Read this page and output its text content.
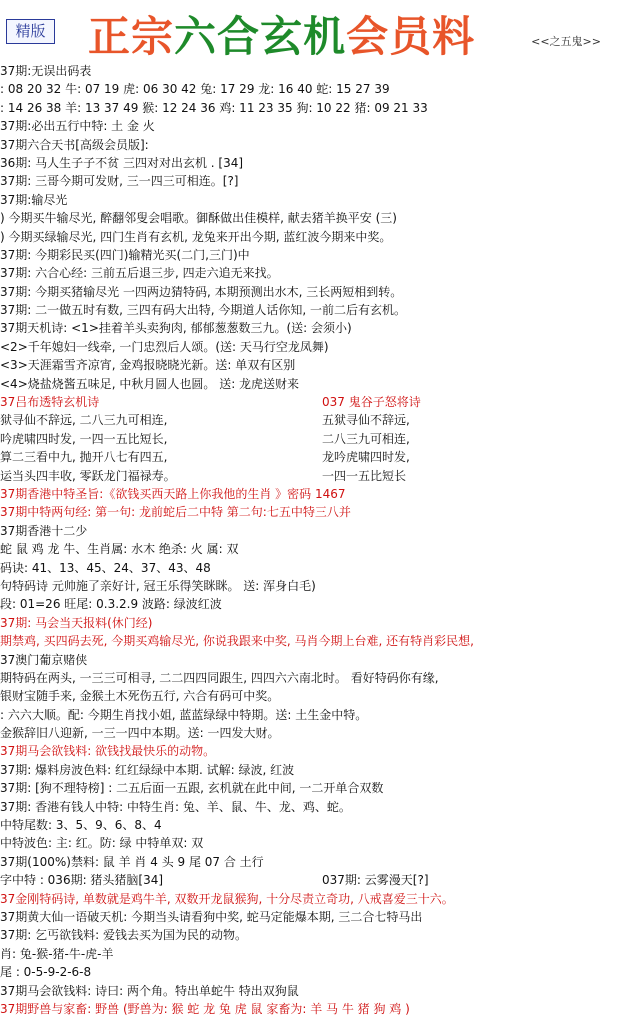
精版 正宗六合玄机会员料	<<之五鬼>>
37期:无误出码表
: 08 20 32 牛: 07 19 虎: 06 30 42 兔: 17 29 龙: 16 40 蛇: 15 27 39
: 14 26 38 羊: 13 37 49 猴: 12 24 36 鸡: 11 23 35 狗: 10 22 猪: 09 21 33
37期:必出五行中特: 土 金 火
37期六合天书[高级会员版]:
36期: 马人生子子不贫 三四对对出玄机 . [34]
37期: 三哥今期可发财, 三一四三可相连。[?]
37期:输尽光
) 今期买牛输尽光, 醉翻邻叟会唱歌。御酥做出佳模样, 献去猪羊换平安 (三)
) 今期买绿输尽光, 四门生肖有玄机, 龙兔来开出今期, 蓝红波今期来中奖。
37期: 今期彩民买(四门)输精光买(二门,三门)中
37期: 六合心经: 三前五后退三步, 四走六追无来找。
37期: 今期买猪输尽光 一四两边猜特码, 本期预测出水木, 三长两短相到转。
37期: 二一做五时有数, 三四有码大出特, 今期道人话你知, 一前二后有玄机。
37期天机诗: <1>挂着羊头卖狗肉, 郁郁葱葱数三九。(送: 会须小)
<2>千年媳妇一线牵, 一门忠烈后人颂。(送: 天马行空龙凤舞)
<3>天涯霜雪齐凉宵, 金鸡报晓晓光新。送: 单双有区别
<4>烧盐烧酱五味足, 中秋月圆人也圆。 送: 龙虎送财来
37吕布透特玄机诗	037 鬼谷子怒将诗
狱寻仙不辞远, 二八三九可相连,	五狱寻仙不辞远,
吟虎啸四时发, 一四一五比短长,	二八三九可相连,
算二三看中九, 抛开八七有四五,	龙吟虎啸四时发,
运当头四丰收, 零跃龙门福禄寿。	一四一五比短长
37期香港中特圣旨:《欲钱买西天路上你我他的生肖 》密码 1467
37期中特两句经: 第一句: 龙前蛇后二中特 第二句:七五中特三八并
37期香港十二少
蛇 鼠 鸡 龙 牛、生肖属: 水木 绝杀: 火 属: 双
码诀: 41、13、45、24、37、43、48
句特码诗 元帅施了亲好计, 冠王乐得笑眯眯。 送: 浑身白毛)
段: 01=26 旺尾: 0.3.2.9 波路: 绿波红波
37期: 马会当天报料(休门经)
期禁鸡, 买四码去死, 今期买鸡输尽光, 你说我跟来中奖, 马肖今期上台难, 还有特肖彩民想,
37澳门葡京赌侠
期特码在两头, 一三三可相寻, 二二四四同跟生, 四四六六南北时。 看好特码你有缘,
银财宝随手来, 金猴土木死伤五行, 六合有码可中奖。
: 六六大顺。配: 今期生肖找小姐, 蓝蓝绿绿中特期。送: 土生金中特。
金猴辞旧八迎新, 一三一四中本期。送: 一四发大财。
37期马会欲钱料: 欲钱找最快乐的动物。
37期: 爆料房波色料: 红红绿绿中本期. 试解: 绿波, 红波
37期: [狗不理特榜] : 二五后面一五跟, 玄机就在此中间, 一二开单合双数
37期: 香港有钱人中特: 中特生肖: 兔、羊、鼠、牛、龙、鸡、蛇。
中特尾数: 3、5、9、6、8、4
中特波色: 主: 红。防: 绿 中特单双: 双
37期(100%)禁料: 鼠 羊 肖 4 头 9 尾 07 合 土行
字中特 : 036期: 猪头猪脑[34]	037期: 云雾漫天[?]
37金刚特码诗, 单数就是鸡牛羊, 双数开龙鼠猴狗, 十分尽责立奇功, 八戒喜爱三十六。
37期黄大仙一语破天机: 今期当头请看狗中奖, 蛇马定能爆本期, 三二合七特马出
37期: 乞丐欲钱料: 爱钱去买为国为民的动物。
肖: 兔-猴-猪-牛-虎-羊
尾 : 0-5-9-2-6-8
37期马会欲钱料: 诗曰: 两个角。特出单蛇牛 特出双狗鼠
37期野兽与家畜: 野兽 (野兽为: 猴 蛇 龙 兔 虎 鼠 家畜为: 羊 马 牛 猪 狗 鸡 )
